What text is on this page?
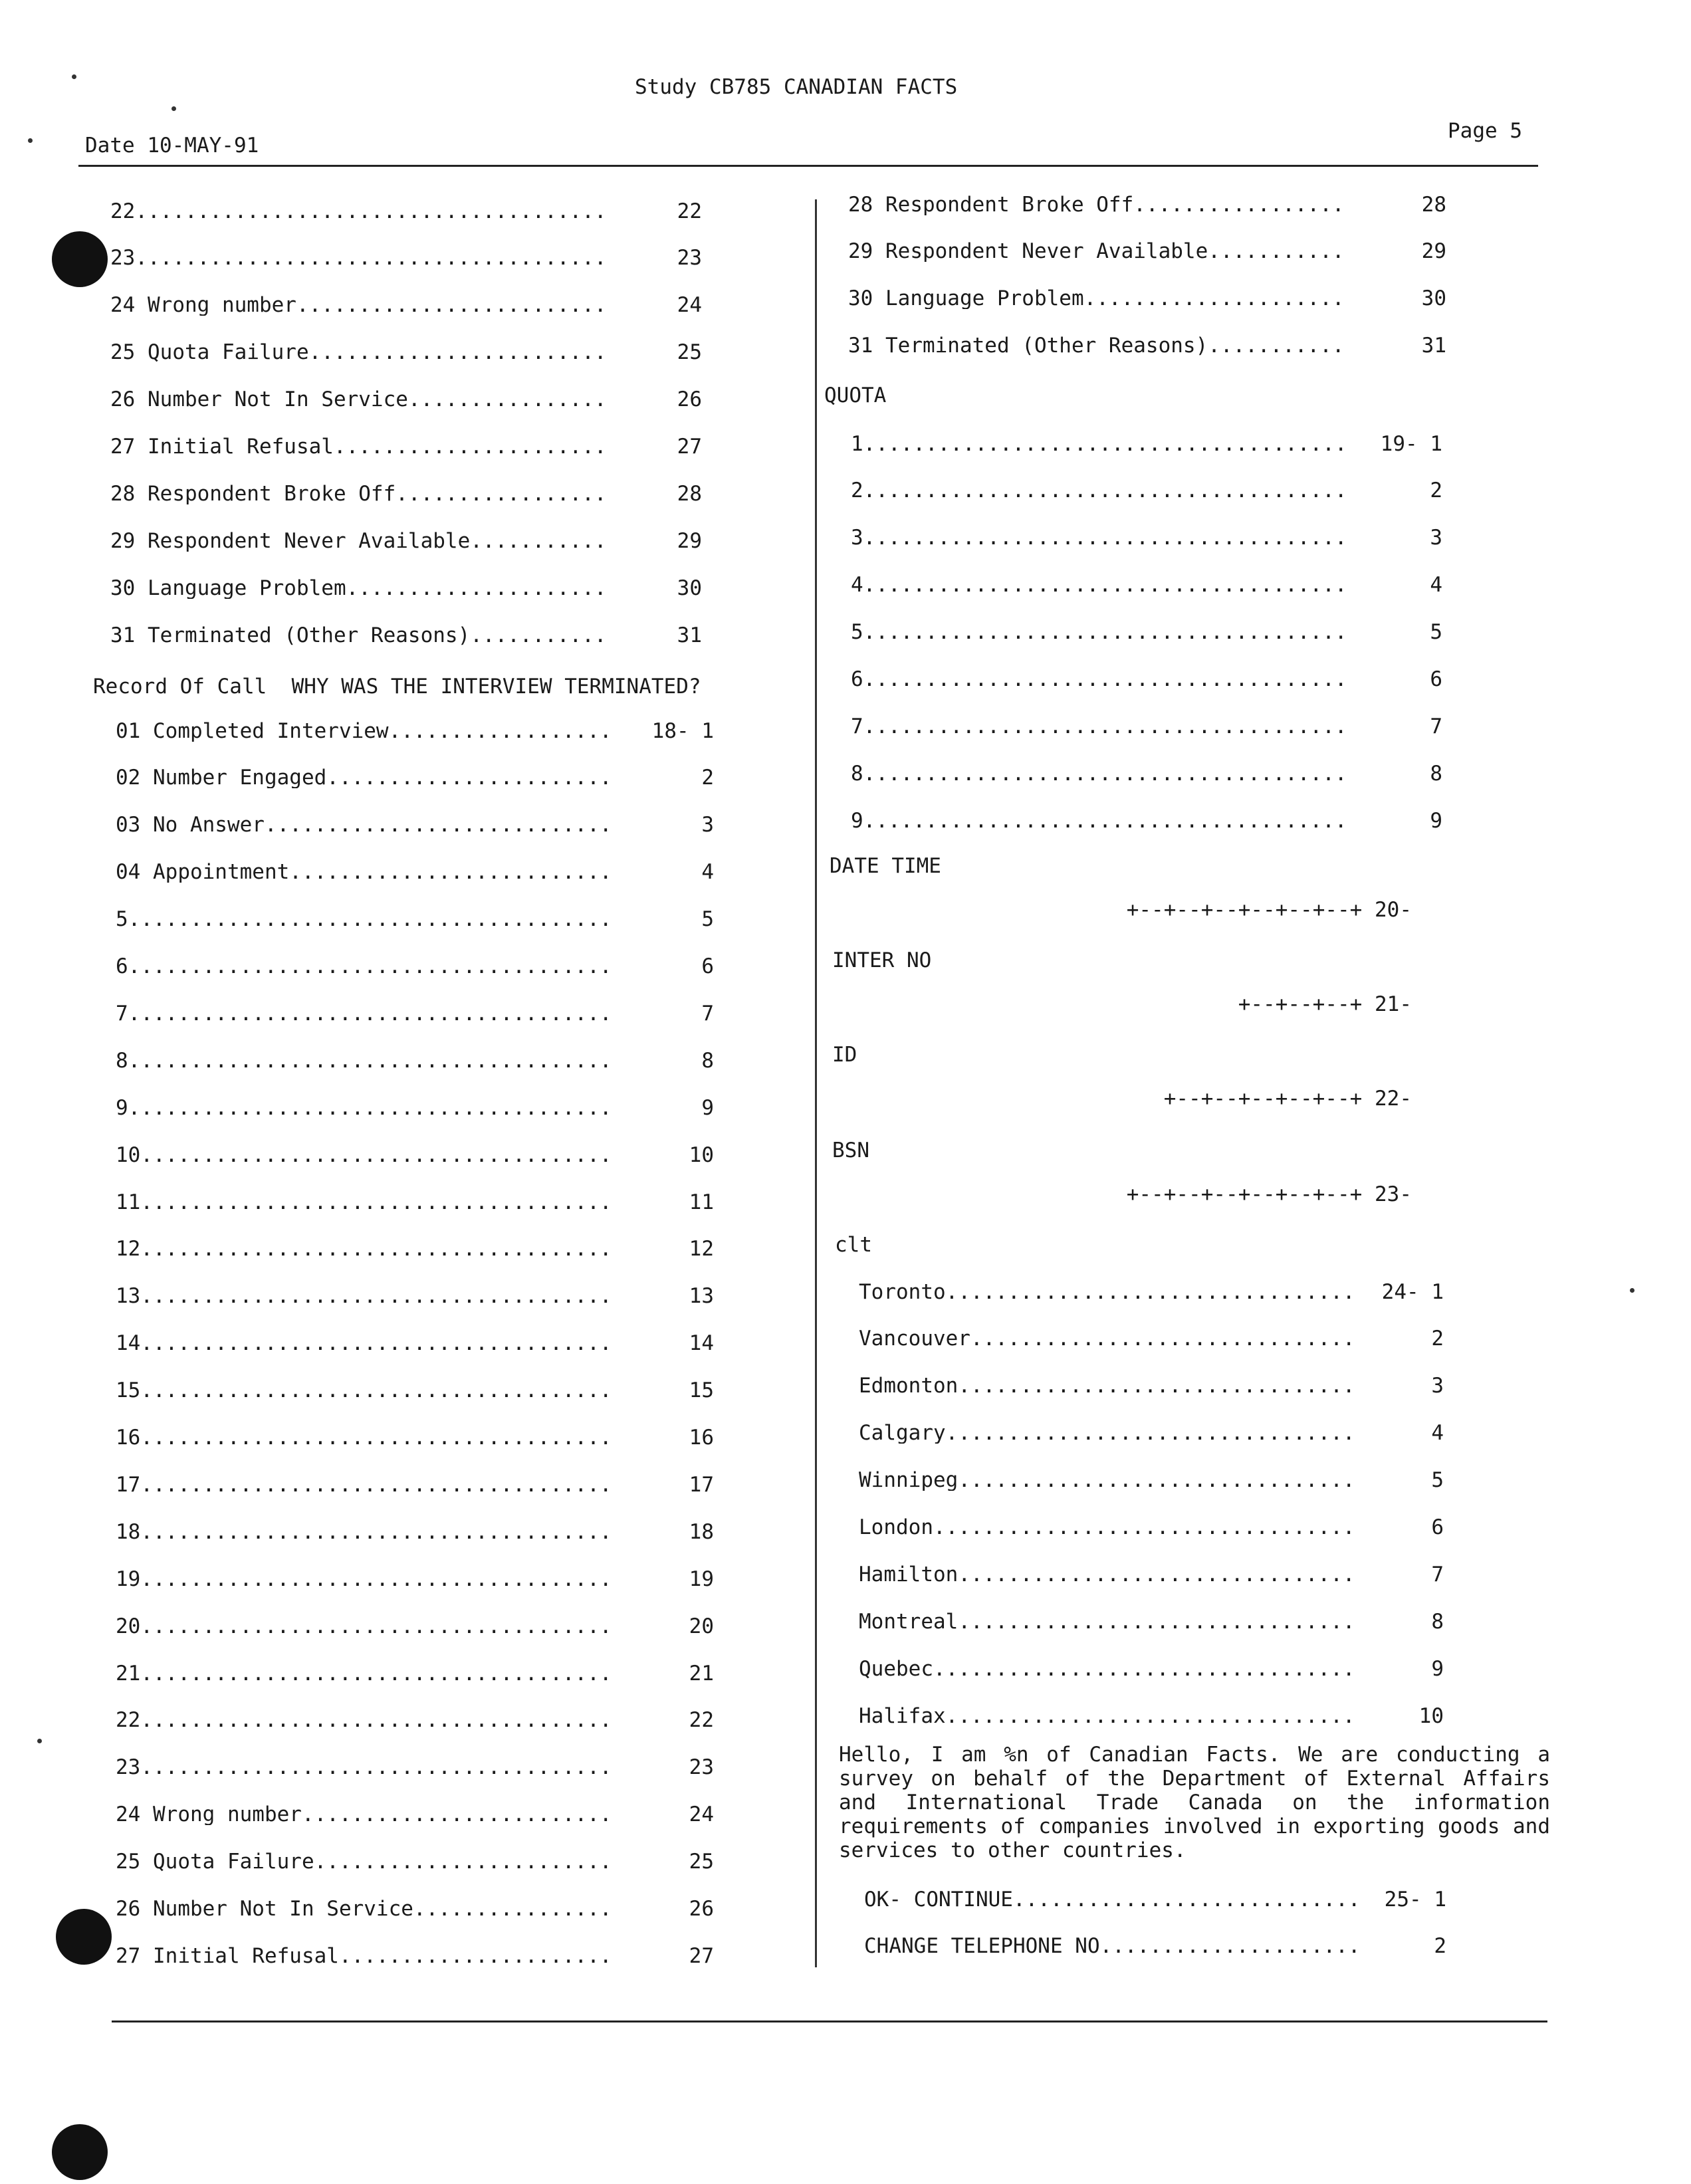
Study CB785 CANADIAN FACTS
Date 10-MAY-91
Page 5
22......................................	22
23......................................	23
24 Wrong number.........................	24
25 Quota Failure........................	25
26 Number Not In Service................	26
27 Initial Refusal......................	27
28 Respondent Broke Off.................	28
29 Respondent Never Available...........	29
30 Language Problem.....................	30
31 Terminated (Other Reasons)...........	31
Record Of Call  WHY WAS THE INTERVIEW TERMINATED?
01 Completed Interview..................	18- 1
02 Number Engaged.......................	2
03 No Answer............................	3
04 Appointment..........................	4
5.......................................	5
6.......................................	6
7.......................................	7
8.......................................	8
9.......................................	9
10......................................	10
11......................................	11
12......................................	12
13......................................	13
14......................................	14
15......................................	15
16......................................	16
17......................................	17
18......................................	18
19......................................	19
20......................................	20
21......................................	21
22......................................	22
23......................................	23
24 Wrong number.........................	24
25 Quota Failure........................	25
26 Number Not In Service................	26
27 Initial Refusal......................	27
28 Respondent Broke Off.................	28
29 Respondent Never Available...........	29
30 Language Problem.....................	30
31 Terminated (Other Reasons)...........	31
QUOTA
1.......................................	19- 1
2.......................................	2
3.......................................	3
4.......................................	4
5.......................................	5
6.......................................	6
7.......................................	7
8.......................................	8
9.......................................	9
DATE TIME
+--+--+--+--+--+--+ 20-
INTER NO
+--+--+--+ 21-
ID
+--+--+--+--+--+ 22-
BSN
+--+--+--+--+--+--+ 23-
clt
Toronto.................................	24- 1
Vancouver...............................	2
Edmonton................................	3
Calgary.................................	4
Winnipeg................................	5
London..................................	6
Hamilton................................	7
Montreal................................	8
Quebec..................................	9
Halifax.................................	10
Hello, I am %n of Canadian Facts. We are conducting a survey on behalf of the Department of External Affairs and International Trade Canada on the information requirements of companies involved in exporting goods and services to other countries.
OK- CONTINUE............................	25- 1
CHANGE TELEPHONE NO.....................	2
